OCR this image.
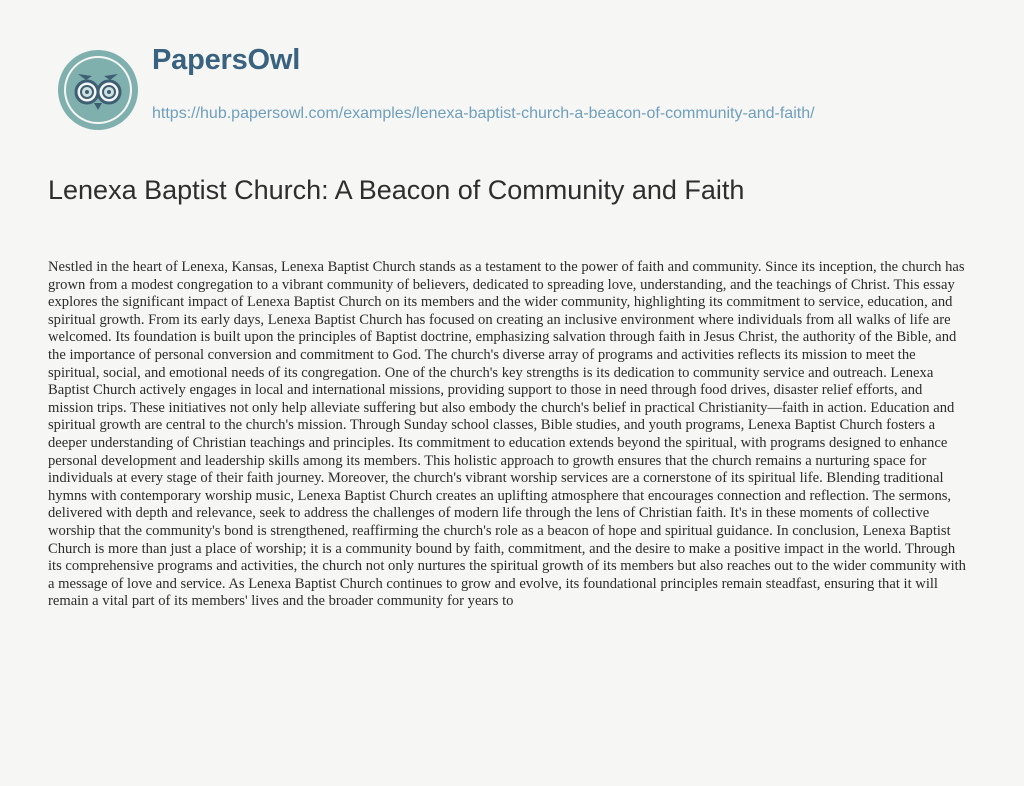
PapersOwl
https://hub.papersowl.com/examples/lenexa-baptist-church-a-beacon-of-community-and-faith/
Lenexa Baptist Church: A Beacon of Community and Faith

Nestled in the heart of Lenexa, Kansas, Lenexa Baptist Church stands as a testament to the power of faith and community. Since its inception, the church has grown from a modest congregation to a vibrant community of believers, dedicated to spreading love, understanding, and the teachings of Christ. This essay explores the significant impact of Lenexa Baptist Church on its members and the wider community, highlighting its commitment to service, education, and spiritual growth. From its early days, Lenexa Baptist Church has focused on creating an inclusive environment where individuals from all walks of life are welcomed. Its foundation is built upon the principles of Baptist doctrine, emphasizing salvation through faith in Jesus Christ, the authority of the Bible, and the importance of personal conversion and commitment to God. The church's diverse array of programs and activities reflects its mission to meet the spiritual, social, and emotional needs of its congregation. One of the church's key strengths is its dedication to community service and outreach. Lenexa Baptist Church actively engages in local and international missions, providing support to those in need through food drives, disaster relief efforts, and mission trips. These initiatives not only help alleviate suffering but also embody the church's belief in practical Christianity—faith in action. Education and spiritual growth are central to the church's mission. Through Sunday school classes, Bible studies, and youth programs, Lenexa Baptist Church fosters a deeper understanding of Christian teachings and principles. Its commitment to education extends beyond the spiritual, with programs designed to enhance personal development and leadership skills among its members. This holistic approach to growth ensures that the church remains a nurturing space for individuals at every stage of their faith journey. Moreover, the church's vibrant worship services are a cornerstone of its spiritual life. Blending traditional hymns with contemporary worship music, Lenexa Baptist Church creates an uplifting atmosphere that encourages connection and reflection. The sermons, delivered with depth and relevance, seek to address the challenges of modern life through the lens of Christian faith. It's in these moments of collective worship that the community's bond is strengthened, reaffirming the church's role as a beacon of hope and spiritual guidance. In conclusion, Lenexa Baptist Church is more than just a place of worship; it is a community bound by faith, commitment, and the desire to make a positive impact in the world. Through its comprehensive programs and activities, the church not only nurtures the spiritual growth of its members but also reaches out to the wider community with a message of love and service. As Lenexa Baptist Church continues to grow and evolve, its foundational principles remain steadfast, ensuring that it will remain a vital part of its members' lives and the broader community for years to
